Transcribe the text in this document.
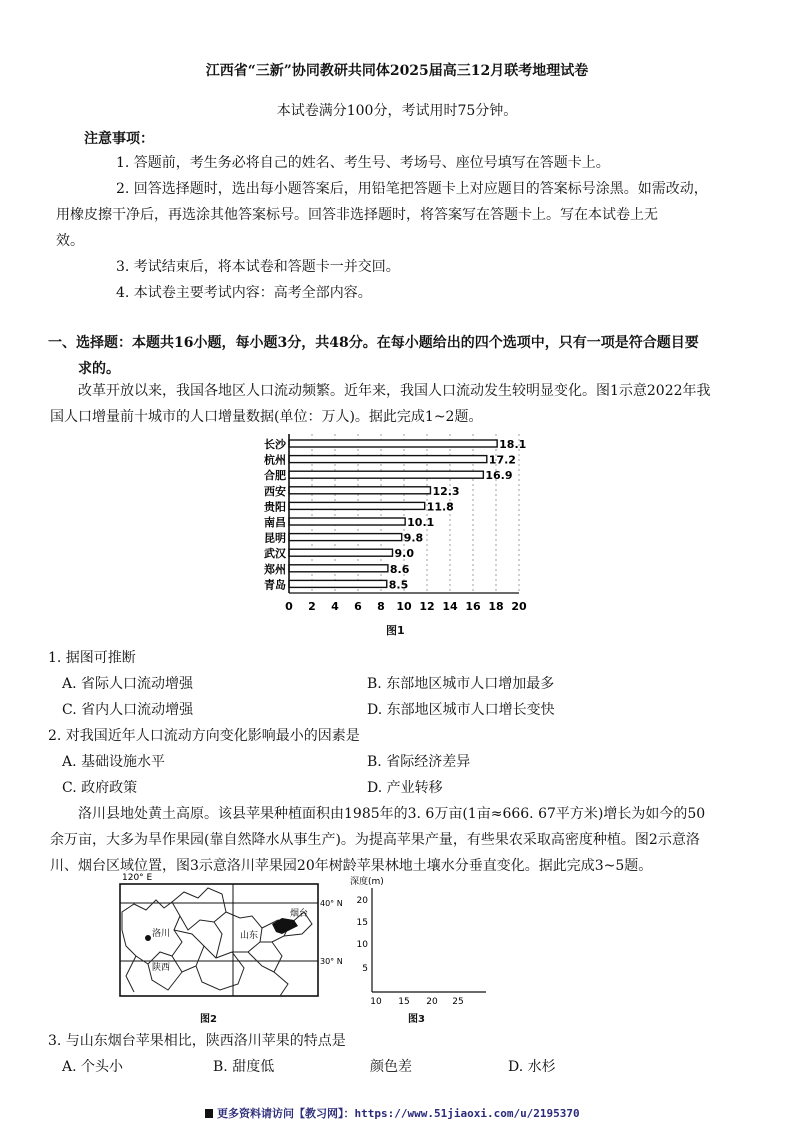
江西省“三新”协同教研共同体2025届高三12月联考地理试卷
本试卷满分100分，考试用时75分钟。
注意事项：
1. 答题前，考生务必将自己的姓名、考生号、考场号、座位号填写在答题卡上。
2. 回答选择题时，选出每小题答案后，用铅笔把答题卡上对应题目的答案标号涂黑。如需改动，
用橡皮擦干净后，再选涂其他答案标号。回答非选择题时，将答案写在答题卡上。写在本试卷上无
效。
3. 考试结束后，将本试卷和答题卡一并交回。
4. 本试卷主要考试内容：高考全部内容。
一、选择题：本题共16小题，每小题3分，共48分。在每小题给出的四个选项中，只有一项是符合题目要
求的。
改革开放以来，我国各地区人口流动频繁。近年来，我国人口流动发生较明显变化。图1示意2022年我
国人口增量前十城市的人口增量数据(单位：万人)。据此完成1~2题。
长沙
杭州
合肥
西安
贵阳
南昌
昆明
武汉
郑州
青岛
18.1
17.2
16.9
12.3
11.8
10.1
9.8
9.0
8.6
8.5
0 2 4 6 8 10 12 14 16 18 20
图1
1. 据图可推断
A. 省际人口流动增强	B. 东部地区城市人口增加最多
C. 省内人口流动增强	D. 东部地区城市人口增长变快
2. 对我国近年人口流动方向变化影响最小的因素是
A. 基础设施水平	B. 省际经济差异
C. 政府政策	D. 产业转移
洛川县地处黄土高原。该县苹果种植面积由1985年的3. 6万亩(1亩≈666. 67平方米)增长为如今的50
余万亩，大多为旱作果园(靠自然降水从事生产)。为提高苹果产量，有些果农采取高密度种植。图2示意洛
川、烟台区域位置，图3示意洛川苹果园20年树龄苹果林地土壤水分垂直变化。据此完成3~5题。
120° E
40° N
30° N
洛川
陕西
山东
烟台
图2
深度(m)
20
15
10
5
10 15 20 25
图3
3. 与山东烟台苹果相比，陕西洛川苹果的特点是
A. 个头小	B. 甜度低	颜色差	D. 水杉
更多资料请访问【教习网】：https://www.51jiaoxi.com/u/2195370
